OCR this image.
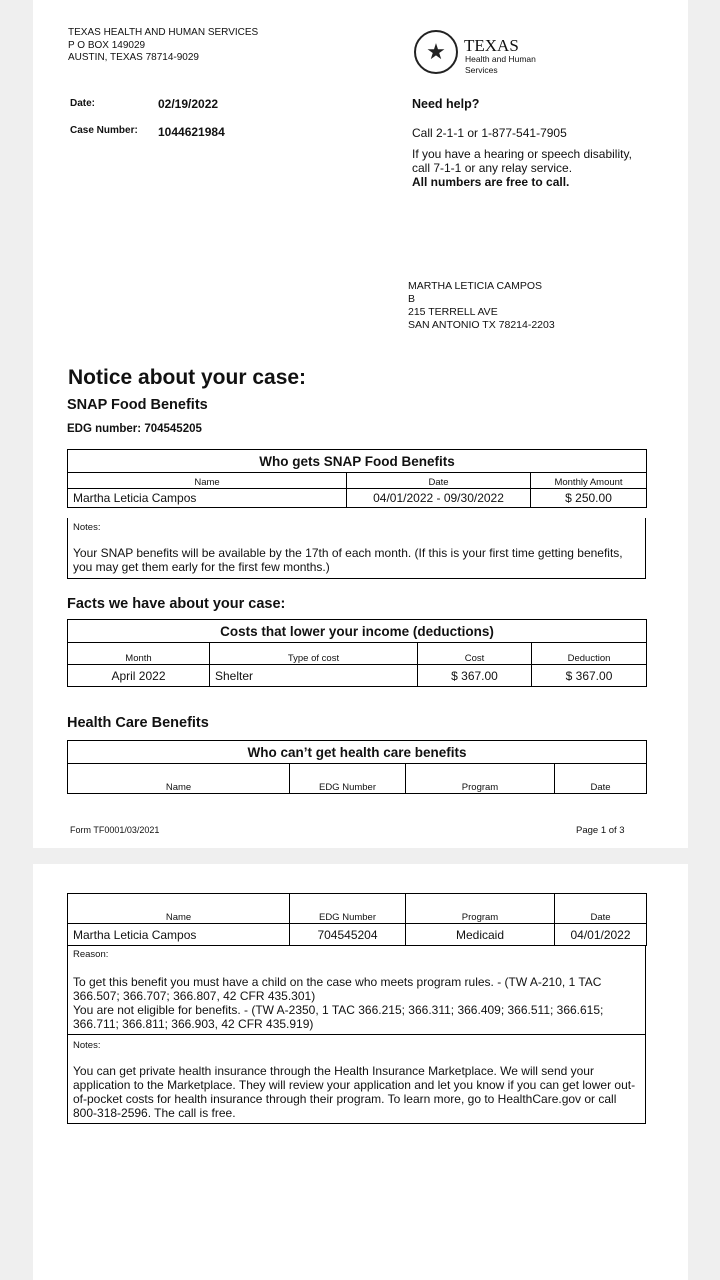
TEXAS HEALTH AND HUMAN SERVICES
P O BOX 149029
AUSTIN, TEXAS 78714-9029	★	TEXAS
Health and Human
Services
Date:	02/19/2022
Case Number: 1044621984
Need help?
Call 2-1-1 or 1-877-541-7905
If you have a hearing or speech disability,
call 7-1-1 or any relay service.
All numbers are free to call.
MARTHA LETICIA CAMPOS
B
215 TERRELL AVE
SAN ANTONIO TX 78214-2203
Notice about your case:
SNAP Food Benefits
EDG number: 704545205
Who gets SNAP Food Benefits		
Name	Date	Monthly Amount
Martha Leticia Campos	04/01/2022 - 09/30/2022	$ 250.00
Notes:
Your SNAP benefits will be available by the 17th of each month. (If this is your first time getting benefits, you may get them early for the first few months.)
Facts we have about your case:
Costs that lower your income (deductions)			
Month	Type of cost	Cost	Deduction
April 2022	Shelter	$ 367.00	$ 367.00
Health Care Benefits
Who can’t get health care benefits
Name	EDG Number	Program	Date
Form TF0001/03/2021	Page 1 of 3
Name	EDG Number	Program	Date
Martha Leticia Campos	704545204	Medicaid	04/01/2022
Reason:
To get this benefit you must have a child on the case who meets program rules. - (TW A-210, 1 TAC 366.507; 366.707; 366.807, 42 CFR 435.301)
You are not eligible for benefits. - (TW A-2350, 1 TAC 366.215; 366.311; 366.409; 366.511; 366.615; 366.711; 366.811; 366.903, 42 CFR 435.919)
Notes:
You can get private health insurance through the Health Insurance Marketplace. We will send your application to the Marketplace. They will review your application and let you know if you can get lower out-of-pocket costs for health insurance through their program. To learn more, go to HealthCare.gov or call 800-318-2596. The call is free.
